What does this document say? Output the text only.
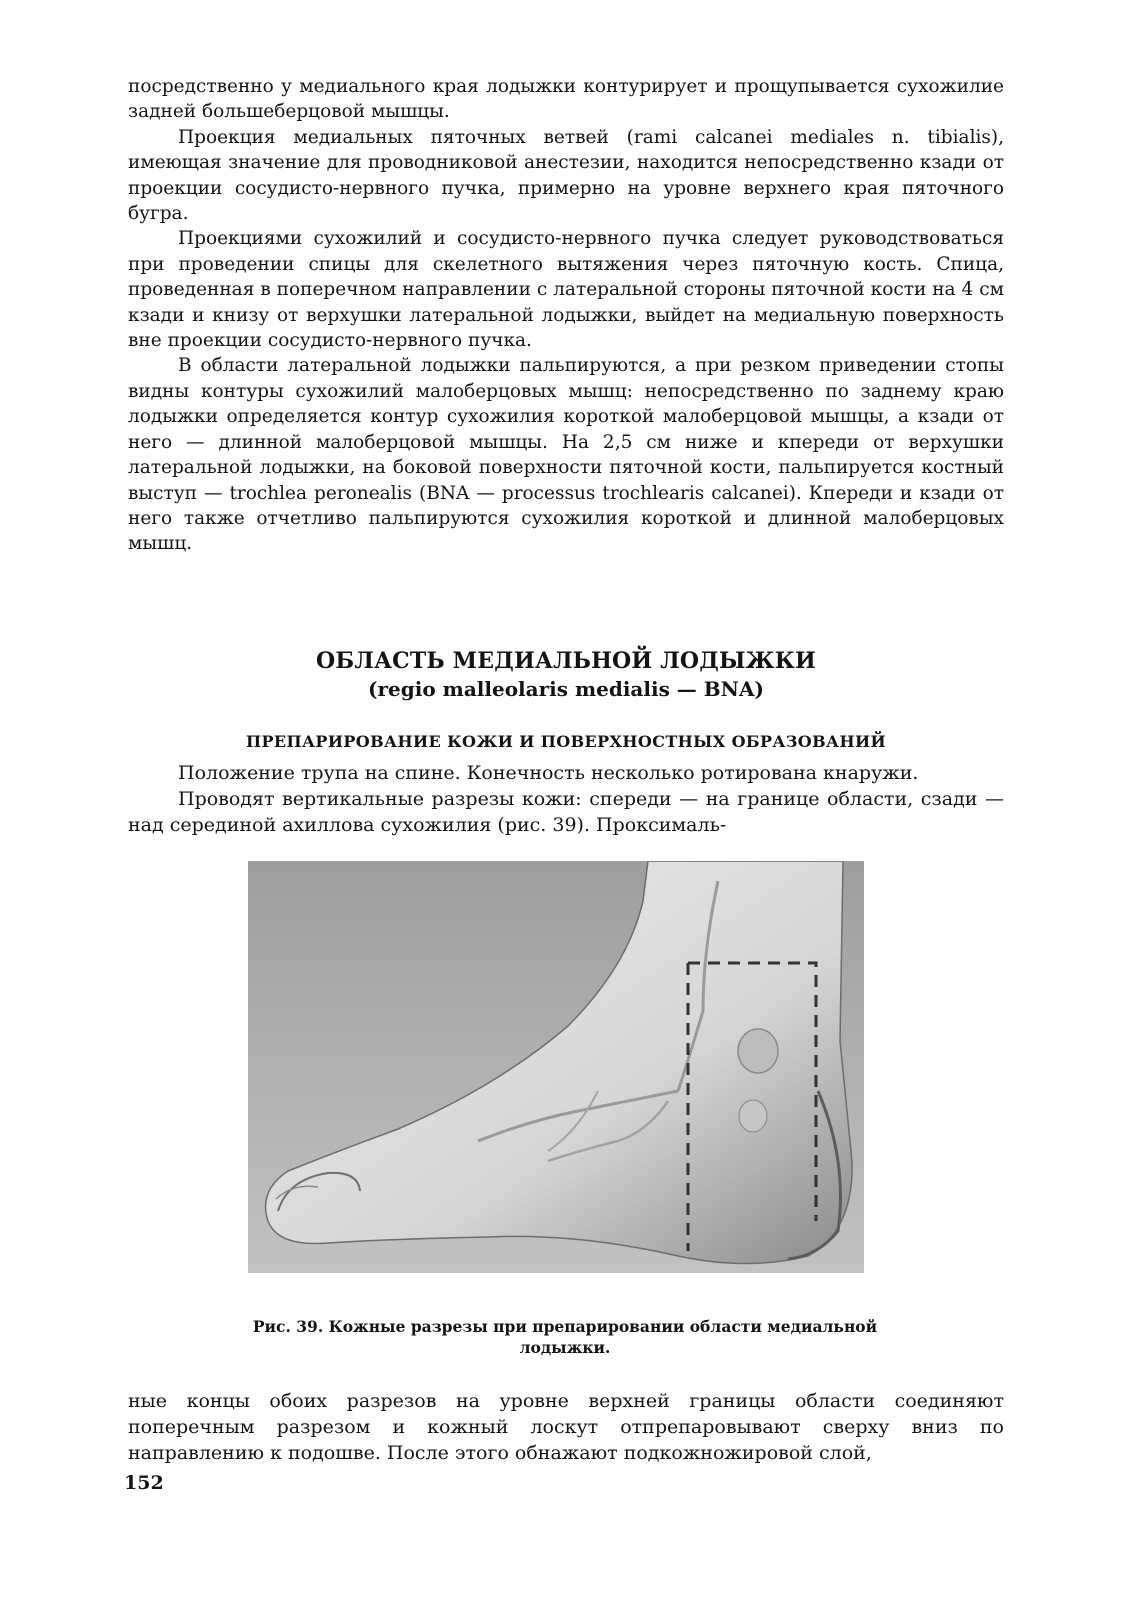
посредственно у медиального края лодыжки контурирует и прощупывается сухожилие задней большеберцовой мышцы.

Проекция медиальных пяточных ветвей (rami calcanei mediales n. tibialis), имеющая значение для проводниковой анестезии, находится непосредственно кзади от проекции сосудисто-нервного пучка, примерно на уровне верхнего края пяточного бугра.

Проекциями сухожилий и сосудисто-нервного пучка следует руководствоваться при проведении спицы для скелетного вытяжения через пяточную кость. Спица, проведенная в поперечном направлении с латеральной стороны пяточной кости на 4 см кзади и книзу от верхушки латеральной лодыжки, выйдет на медиальную поверхность вне проекции сосудисто-нервного пучка.

В области латеральной лодыжки пальпируются, а при резком приведении стопы видны контуры сухожилий малоберцовых мышц: непосредственно по заднему краю лодыжки определяется контур сухожилия короткой малоберцовой мышцы, а кзади от него — длинной малоберцовой мышцы. На 2,5 см ниже и кпереди от верхушки латеральной лодыжки, на боковой поверхности пяточной кости, пальпируется костный выступ — trochlea peronealis (BNA — processus trochlearis calcanei). Кпереди и кзади от него также отчетливо пальпируются сухожилия короткой и длинной малоберцовых мышц.

ОБЛАСТЬ МЕДИАЛЬНОЙ ЛОДЫЖКИ
(regio malleolaris medialis — BNA)
ПРЕПАРИРОВАНИЕ КОЖИ И ПОВЕРХНОСТНЫХ ОБРАЗОВАНИЙ

Положение трупа на спине. Конечность несколько ротирована кнаружи.

Проводят вертикальные разрезы кожи: спереди — на границе области, сзади — над серединой ахиллова сухожилия (рис. 39). Проксималь-

Рис. 39. Кожные разрезы при препарировании области медиальной лодыжки.

ные концы обоих разрезов на уровне верхней границы области соединяют поперечным разрезом и кожный лоскут отпрепаровывают сверху вниз по направлению к подошве. После этого обнажают подкожножировой слой,

152
